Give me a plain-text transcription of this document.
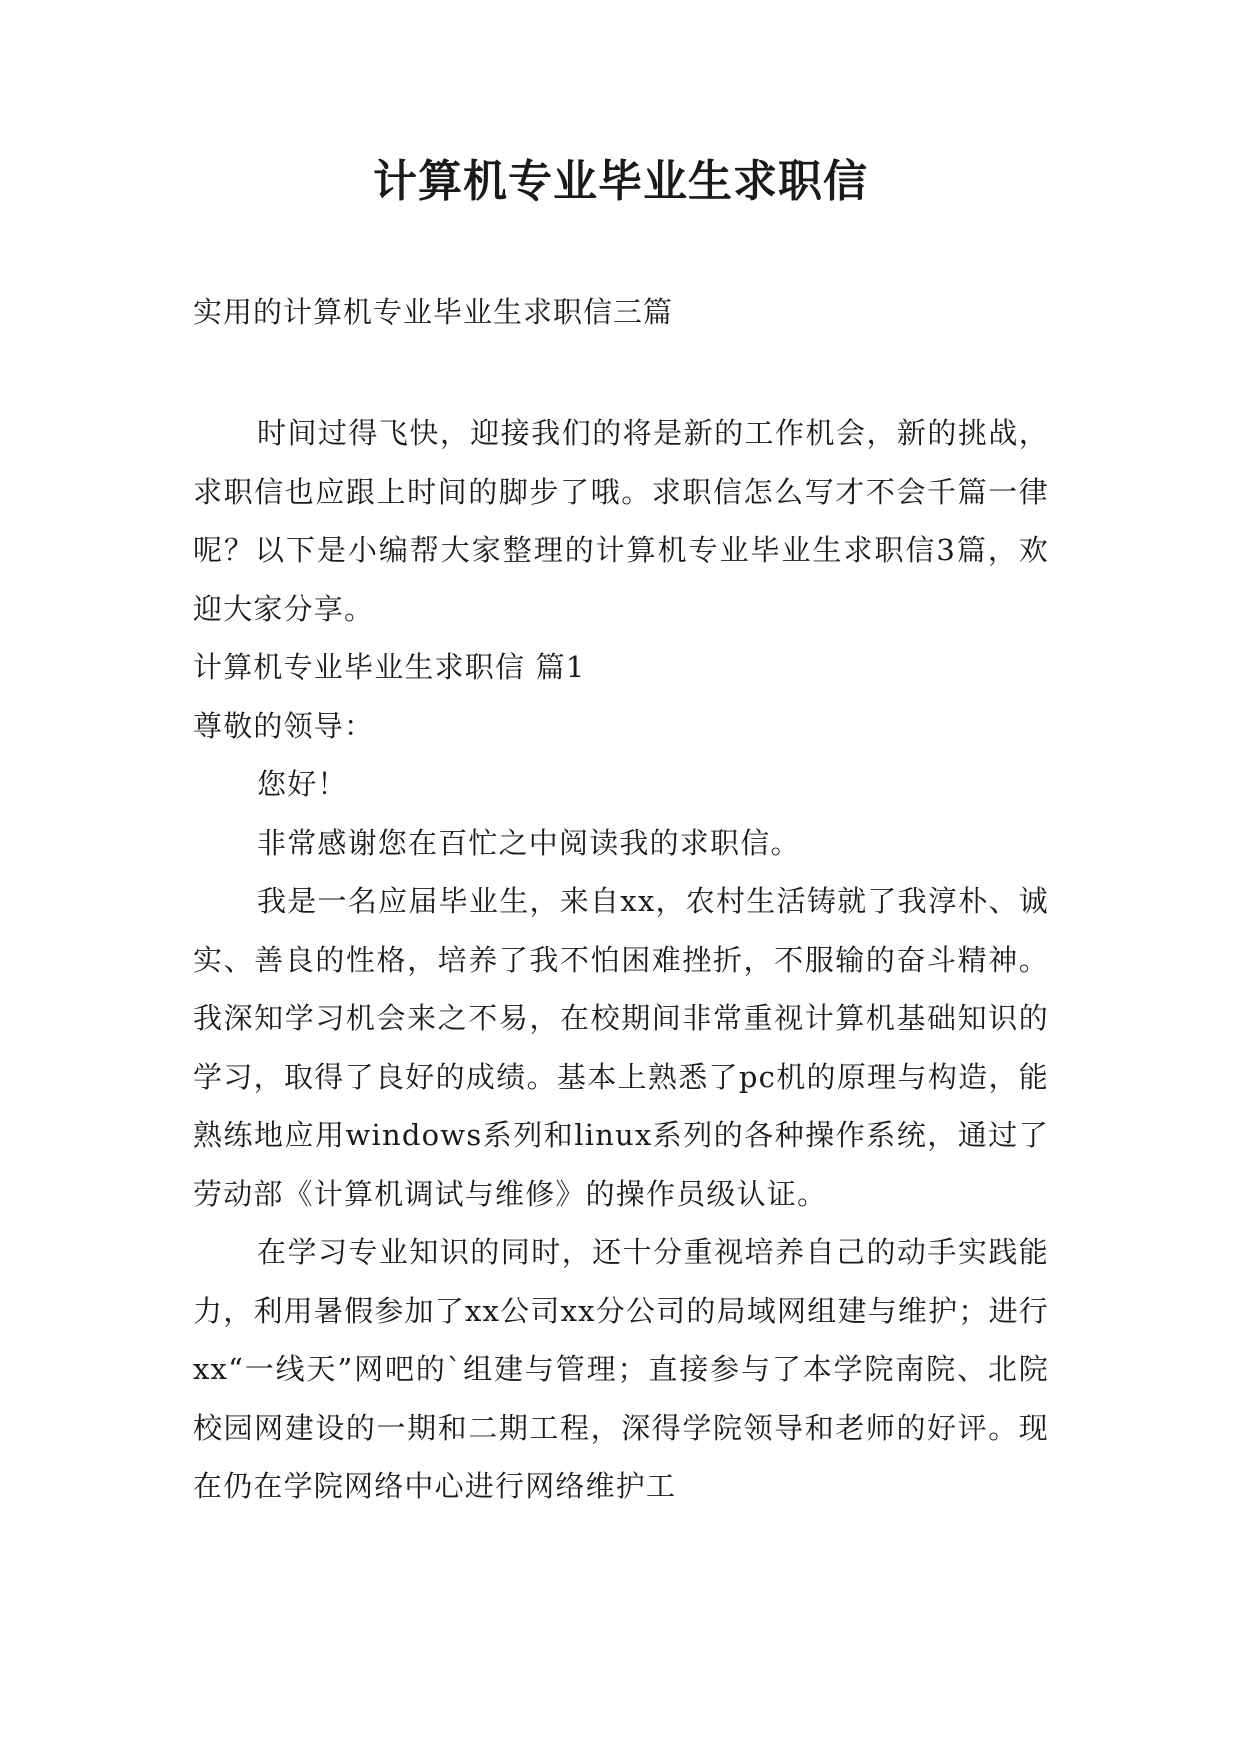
计算机专业毕业生求职信

实用的计算机专业毕业生求职信三篇

时间过得飞快，迎接我们的将是新的工作机会，新的挑战，求职信也应跟上时间的脚步了哦。求职信怎么写才不会千篇一律呢？以下是小编帮大家整理的计算机专业毕业生求职信3篇，欢迎大家分享。

计算机专业毕业生求职信 篇1

尊敬的领导：

您好！

非常感谢您在百忙之中阅读我的求职信。

我是一名应届毕业生，来自xx，农村生活铸就了我淳朴、诚实、善良的性格，培养了我不怕困难挫折，不服输的奋斗精神。我深知学习机会来之不易，在校期间非常重视计算机基础知识的学习，取得了良好的成绩。基本上熟悉了pc机的原理与构造，能熟练地应用windows系列和linux系列的各种操作系统，通过了劳动部《计算机调试与维修》的操作员级认证。

在学习专业知识的同时，还十分重视培养自己的动手实践能力，利用暑假参加了xx公司xx分公司的局域网组建与维护；进行xx“一线天”网吧的`组建与管理；直接参与了本学院南院、北院校园网建设的一期和二期工程，深得学院领导和老师的好评。现在仍在学院网络中心进行网络维护工
